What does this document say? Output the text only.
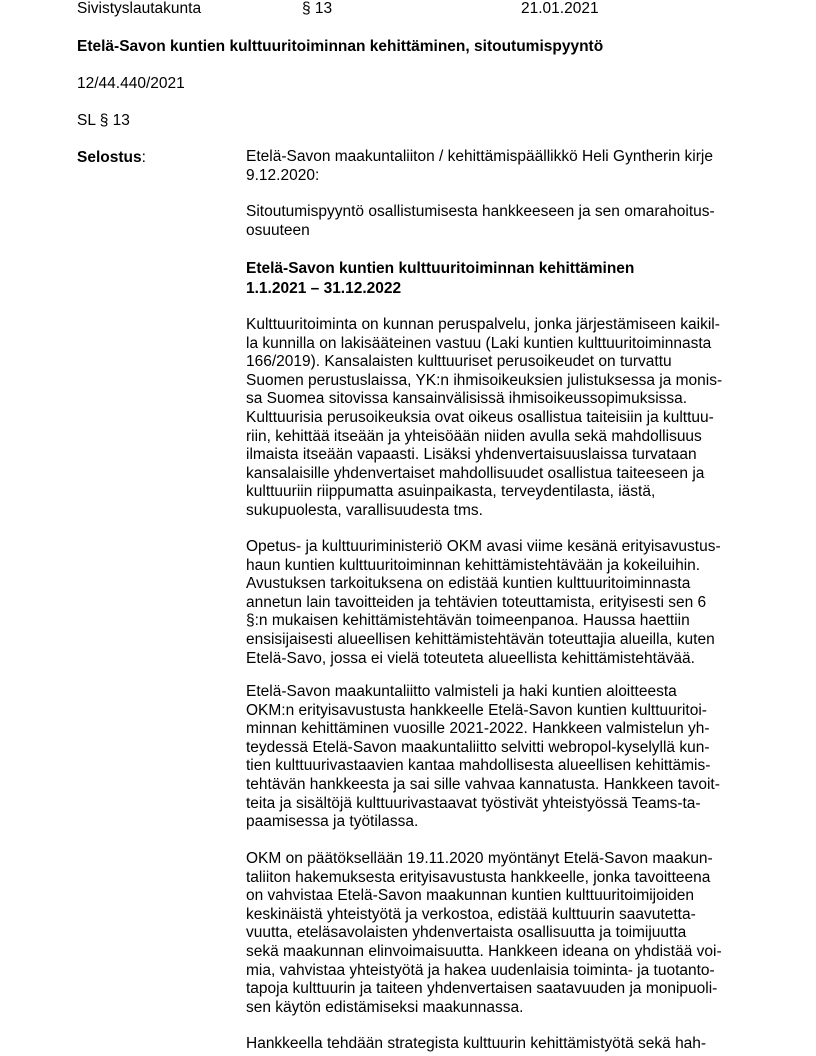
Sivistyslautakunta	§ 13	21.01.2021
Etelä-Savon kuntien kulttuuritoiminnan kehittäminen, sitoutumispyyntö
12/44.440/2021
SL § 13
Selostus:	Etelä-Savon maakuntaliiton / kehittämispäällikkö Heli Gyntherin kirje
9.12.2020:
Sitoutumispyyntö osallistumisesta hankkeeseen ja sen omarahoitus-
osuuteen
Etelä-Savon kuntien kulttuuritoiminnan kehittäminen
1.1.2021 – 31.12.2022
Kulttuuritoiminta on kunnan peruspalvelu, jonka järjestämiseen kaikil-
la kunnilla on lakisääteinen vastuu (Laki kuntien kulttuuritoiminnasta
166/2019). Kansalaisten kulttuuriset perusoikeudet on turvattu
Suomen perustuslaissa, YK:n ihmisoikeuksien julistuksessa ja monis-
sa Suomea sitovissa kansainvälisissä ihmisoikeussopimuksissa.
Kulttuurisia perusoikeuksia ovat oikeus osallistua taiteisiin ja kulttuu-
riin, kehittää itseään ja yhteisöään niiden avulla sekä mahdollisuus
ilmaista itseään vapaasti. Lisäksi yhdenvertaisuuslaissa turvataan
kansalaisille yhdenvertaiset mahdollisuudet osallistua taiteeseen ja
kulttuuriin riippumatta asuinpaikasta, terveydentilasta, iästä,
sukupuolesta, varallisuudesta tms.
Opetus- ja kulttuuriministeriö OKM avasi viime kesänä erityisavustus-
haun kuntien kulttuuritoiminnan kehittämistehtävään ja kokeiluihin.
Avustuksen tarkoituksena on edistää kuntien kulttuuritoiminnasta
annetun lain tavoitteiden ja tehtävien toteuttamista, erityisesti sen 6
§:n mukaisen kehittämistehtävän toimeenpanoa. Haussa haettiin
ensisijaisesti alueellisen kehittämistehtävän toteuttajia alueilla, kuten
Etelä-Savo, jossa ei vielä toteuteta alueellista kehittämistehtävää.
Etelä-Savon maakuntaliitto valmisteli ja haki kuntien aloitteesta
OKM:n erityisavustusta hankkeelle Etelä-Savon kuntien kulttuuritoi-
minnan kehittäminen vuosille 2021-2022. Hankkeen valmistelun yh-
teydessä Etelä-Savon maakuntaliitto selvitti webropol-kyselyllä kun-
tien kulttuurivastaavien kantaa mahdollisesta alueellisen kehittämis-
tehtävän hankkeesta ja sai sille vahvaa kannatusta. Hankkeen tavoit-
teita ja sisältöjä kulttuurivastaavat työstivät yhteistyössä Teams-ta-
paamisessa ja työtilassa.
OKM on päätöksellään 19.11.2020 myöntänyt Etelä-Savon maakun-
taliiton hakemuksesta erityisavustusta hankkeelle, jonka tavoitteena
on vahvistaa Etelä-Savon maakunnan kuntien kulttuuritoimijoiden
keskinäistä yhteistyötä ja verkostoa, edistää kulttuurin saavutetta-
vuutta, eteläsavolaisten yhdenvertaista osallisuutta ja toimijuutta
sekä maakunnan elinvoimaisuutta. Hankkeen ideana on yhdistää voi-
mia, vahvistaa yhteistyötä ja hakea uudenlaisia toiminta- ja tuotanto-
tapoja kulttuurin ja taiteen yhdenvertaisen saatavuuden ja monipuoli-
sen käytön edistämiseksi maakunnassa.
Hankkeella tehdään strategista kulttuurin kehittämistyötä sekä hah-
